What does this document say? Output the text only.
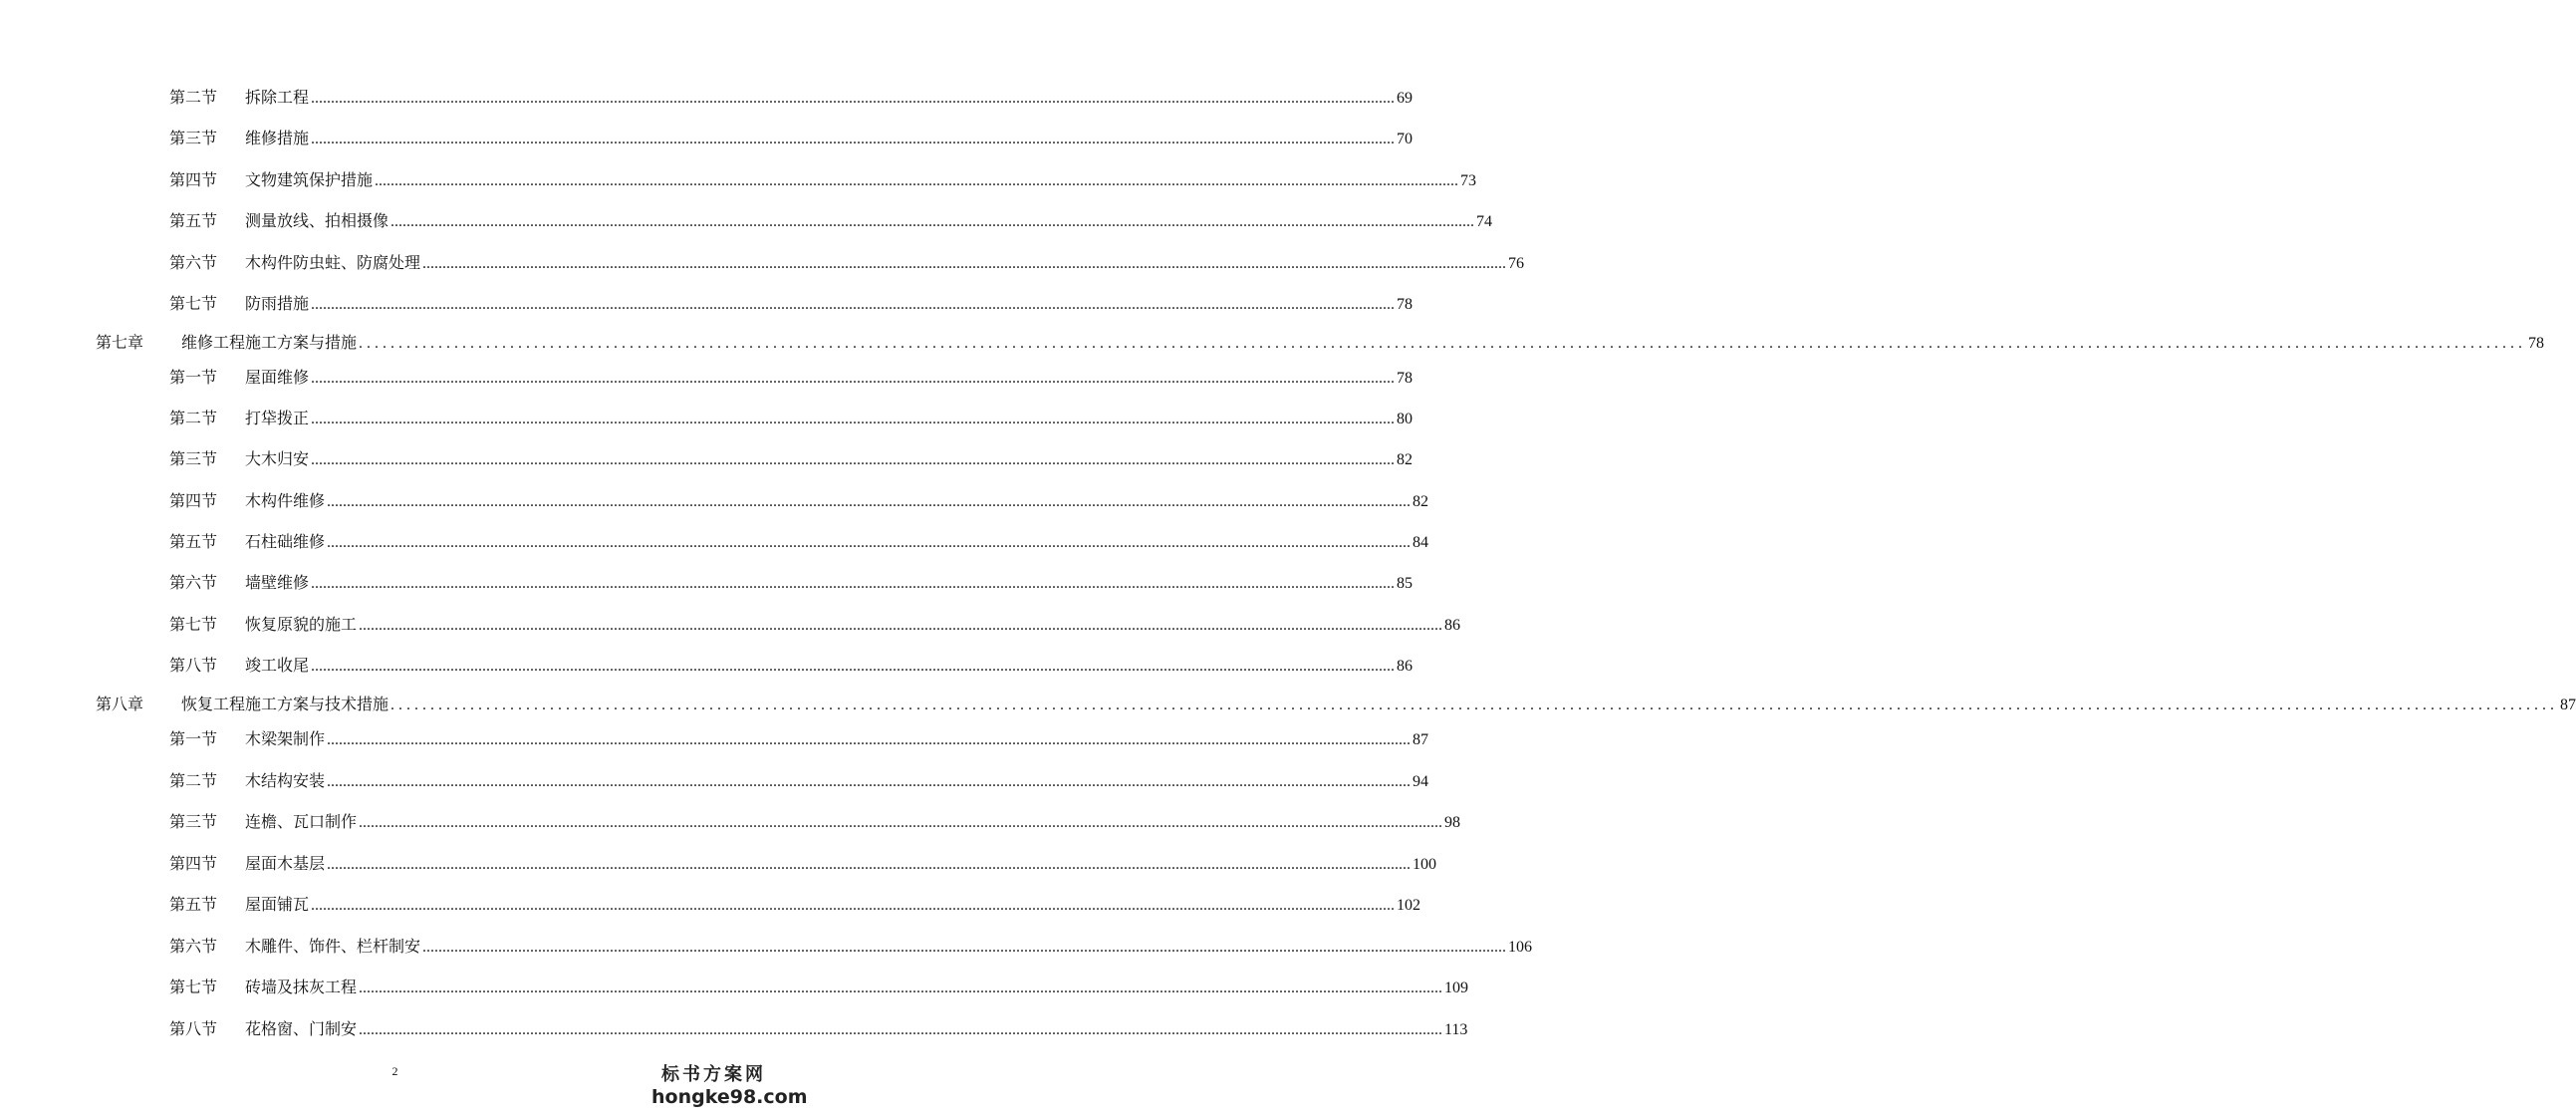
第二节	拆除工程 .....	69
第三节	维修措施 .....	70
第四节	文物建筑保护措施 .....	73
第五节	测量放线、拍相摄像 .....	74
第六节	木构件防虫蛀、防腐处理 .....	76
第七节	防雨措施 .....	78
第七章	维修工程施工方案与措施 .....	78
第一节	屋面维修 .....	78
第二节	打牮拨正 .....	80
第三节	大木归安 .....	82
第四节	木构件维修 .....	82
第五节	石柱础维修 .....	84
第六节	墙壁维修 .....	85
第七节	恢复原貌的施工 .....	86
第八节	竣工收尾 .....	86
第八章	恢复工程施工方案与技术措施 .....	87
第一节	木梁架制作 .....	87
第二节	木结构安装 .....	94
第三节	连檐、瓦口制作 .....	98
第四节	屋面木基层 .....	100
第五节	屋面铺瓦 .....	102
第六节	木雕件、饰件、栏杆制安 .....	106
第七节	砖墙及抹灰工程 .....	109
第八节	花格窗、门制安 .....	113
2	标书方案网
hongke98.com
